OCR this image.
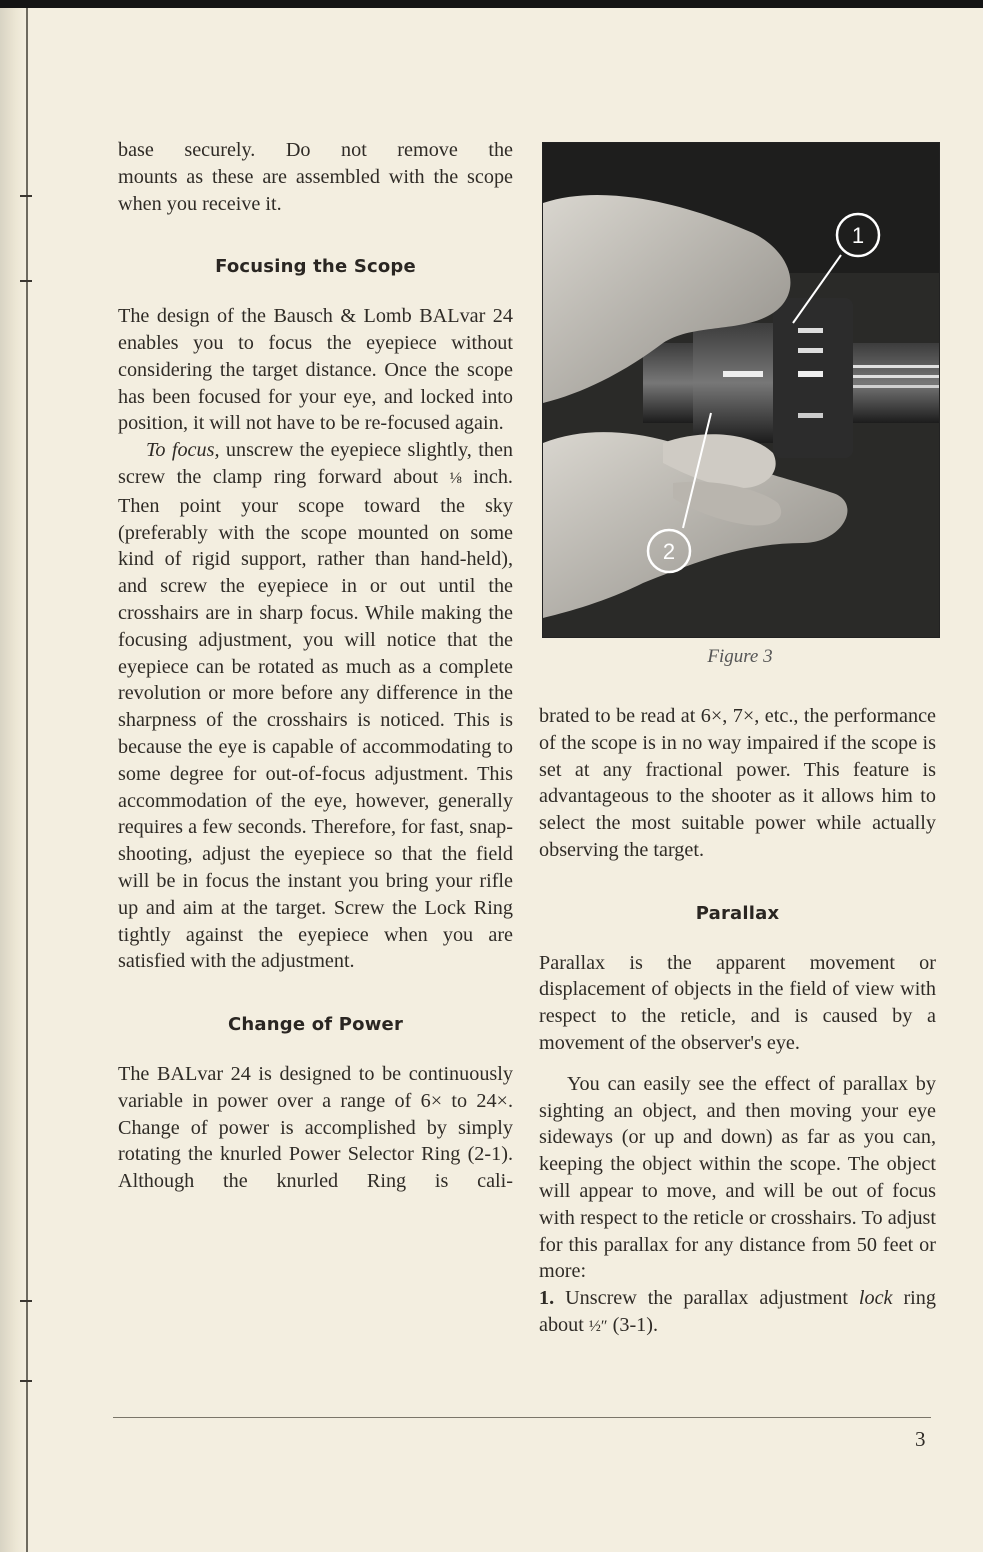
base securely. Do not remove the

mounts as these are assembled with the scope when you receive it.

Focusing the Scope

The design of the Bausch & Lomb BALvar 24 enables you to focus the eyepiece without considering the target distance. Once the scope has been focused for your eye, and locked into position, it will not have to be re-focused again.

To focus, unscrew the eyepiece slightly, then screw the clamp ring forward about ⅛ inch. Then point your scope toward the sky (preferably with the scope mounted on some kind of rigid support, rather than hand-held), and screw the eyepiece in or out until the crosshairs are in sharp focus. While making the focusing adjustment, you will notice that the eyepiece can be rotated as much as a complete revolution or more before any difference in the sharpness of the crosshairs is noticed. This is because the eye is capable of accommodating to some degree for out-of-focus adjustment. This accommodation of the eye, however, generally requires a few seconds. Therefore, for fast, snap-shooting, adjust the eyepiece so that the field will be in focus the instant you bring your rifle up and aim at the target. Screw the Lock Ring tightly against the eyepiece when you are satisfied with the adjustment.

Change of Power

The BALvar 24 is designed to be continuously variable in power over a range of 6× to 24×. Change of power is accomplished by simply rotating the knurled Power Selector Ring (2-1). Although the knurled Ring is cali-

1
2
Figure 3

brated to be read at 6×, 7×, etc., the performance of the scope is in no way impaired if the scope is set at any fractional power. This feature is advantageous to the shooter as it allows him to select the most suitable power while actually observing the target.

Parallax

Parallax is the apparent movement or displacement of objects in the field of view with respect to the reticle, and is caused by a movement of the observer's eye.

You can easily see the effect of parallax by sighting an object, and then moving your eye sideways (or up and down) as far as you can, keeping the object within the scope. The object will appear to move, and will be out of focus with respect to the reticle or crosshairs. To adjust for this parallax for any distance from 50 feet or more:

1. Unscrew the parallax adjustment lock ring about ½″ (3-1).

3
